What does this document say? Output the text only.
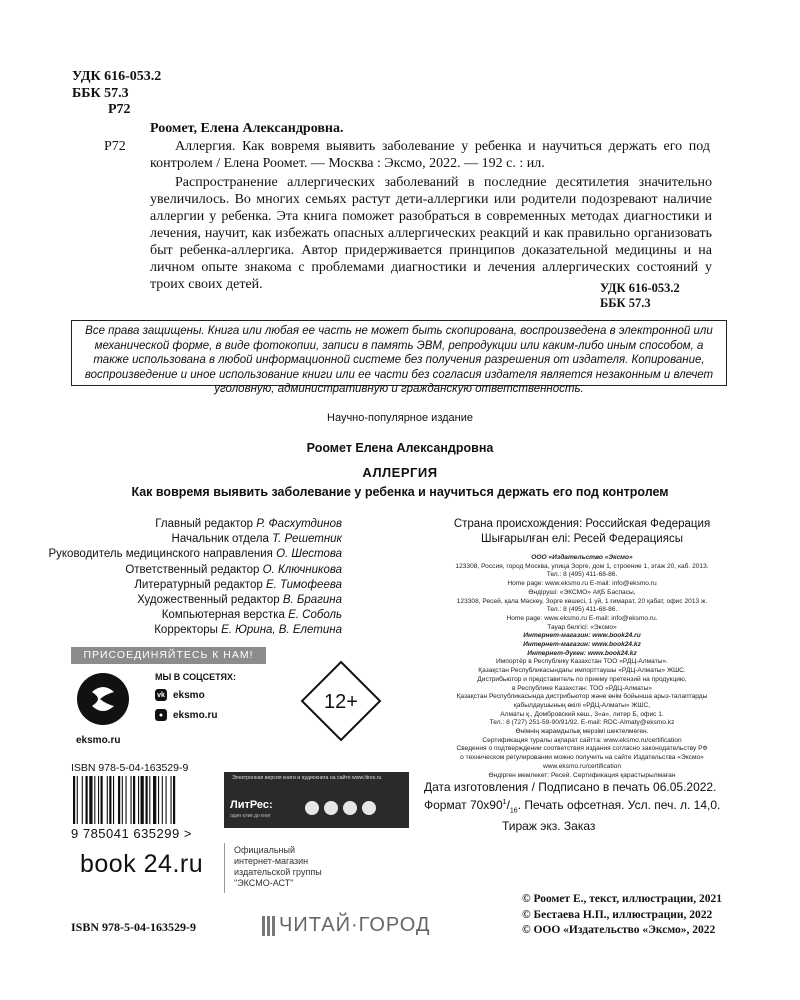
УДК 616-053.2
ББК 57.3
Р72
Роомет, Елена Александровна.
Р72	Аллергия. Как вовремя выявить заболевание у ребенка и научиться держать его под контролем / Елена Роомет. — Москва : Эксмо, 2022. — 192 с. : ил.

Распространение аллергических заболеваний в последние десятилетия значительно увеличилось. Во многих семьях растут дети-аллергики или родители подозревают наличие аллергии у ребенка. Эта книга поможет разобраться в современных методах диагностики и лечения, научит, как избежать опасных аллергических реакций и как правильно организовать быт ребенка-аллергика. Автор придерживается принципов доказательной медицины и на личном опыте знакома с проблемами диагностики и лечения аллергических состояний у троих своих детей.	УДК 616-053.2
ББК 57.3
Все права защищены. Книга или любая ее часть не может быть скопирована, воспроизведена в электронной или механической форме, в виде фотокопии, записи в память ЭВМ, репродукции или каким-либо иным способом, а также использована в любой информационной системе без получения разрешения от издателя. Копирование, воспроизведение и иное использование книги или ее части без согласия издателя является незаконным и влечет уголовную, административную и гражданскую ответственность.
Научно-популярное издание
Роомет Елена Александровна
АЛЛЕРГИЯ
Как вовремя выявить заболевание у ребенка и научиться держать его под контролем
Главный редактор Р. Фасхутдинов
Начальник отдела Т. Решетник
Руководитель медицинского направления О. Шестова
Ответственный редактор О. Ключникова
Литературный редактор Е. Тимофеева
Художественный редактор В. Брагина
Компьютерная верстка Е. Соболь
Корректоры Е. Юрина, В. Елетина
Страна происхождения: Российская Федерация
Шығарылған елі: Ресей Федерациясы
ООО «Издательство «Эксмо»
123308, Россия, город Москва, улица Зорге, дом 1, строение 1, этаж 20, каб. 2013.
Тел.: 8 (495) 411-68-86.
Home page: www.eksmo.ru E-mail: info@eksmo.ru
Өндіруші: «ЭКСМО» АҚБ Баспасы,
123308, Ресей, қала Мәскеу, Зорге көшесі, 1 үй, 1 ғимарат, 20 қабат, офис 2013 ж.
Тел.: 8 (495) 411-68-86.
Home page: www.eksmo.ru E-mail: info@eksmo.ru.
Тауар белгісі: «Эксмо»
Интернет-магазин: www.book24.ru
Интернет-магазин: www.book24.kz
Интернет-дүкен: www.book24.kz
Импортёр в Республику Казахстан ТОО «РДЦ-Алматы».
Қазақстан Республикасындағы импорттаушы «РДЦ-Алматы» ЖШС.
Дистрибьютор и представитель по приему претензий на продукцию,
в Республике Казахстан: ТОО «РДЦ-Алматы»
Қазақстан Республикасында дистрибьютор және өнім бойынша арыз-талаптарды
қабылдаушының өкілі «РДЦ-Алматы» ЖШС,
Алматы қ., Домбровский көш., 3«а», литер Б, офис 1.
Тел.: 8 (727) 251-59-90/91/92. E-mail: RDC-Almaty@eksmo.kz
Өнімнің жарамдылық мерзімі шектелмеген.
Сертификация туралы ақпарат сайтта: www.eksmo.ru/certification
Сведения о подтверждении соответствия издания согласно законодательству РФ
о техническом регулировании можно получить на сайте Издательства «Эксмо»
www.eksmo.ru/certification
Өндірген мемлекет: Ресей. Сертификация қарастырылмаған
ПРИСОЕДИНЯЙТЕСЬ К НАМ!
eksmo.ru
МЫ В СОЦСЕТЯХ:
vk eksmo
● eksmo.ru
12+
ISBN 978-5-04-163529-9
9 785041 635299 >
Электронная версия книги и аудиокнига на сайте www.litres.ru
ЛитРес:
один клик до книг
Дата изготовления / Подписано в печать 06.05.2022.
Формат $70x90^1/_{16}$. Печать офсетная. Усл. печ. л. 14,0.
Тираж экз. Заказ
book 24.ru	Официальный
интернет-магазин
издательской группы
"ЭКСМО-АСТ"
© Роомет Е., текст, иллюстрации, 2021
© Бестаева Н.П., иллюстрации, 2022
© ООО «Издательство «Эксмо», 2022
ISBN 978-5-04-163529-9	ЧИТАЙ·ГОРОД
